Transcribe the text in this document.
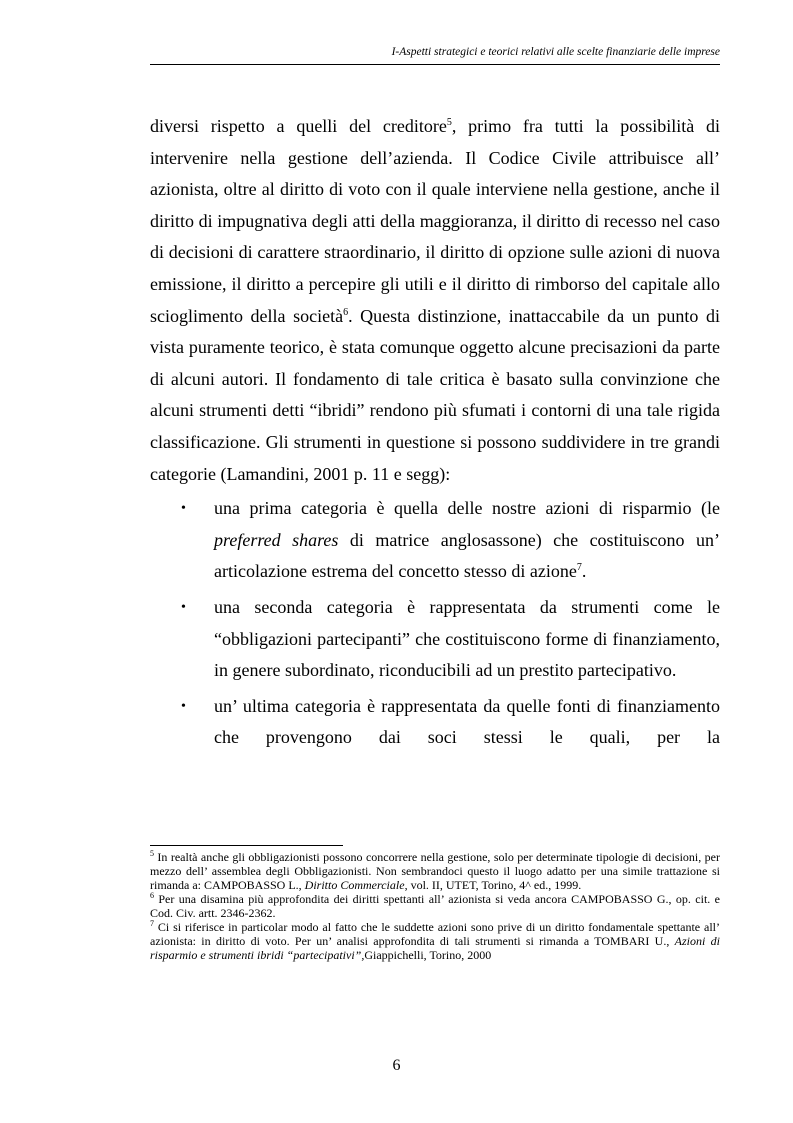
I-Aspetti strategici e teorici relativi alle scelte finanziarie delle imprese

diversi rispetto a quelli del creditore$^5$, primo fra tutti la possibilità di intervenire nella gestione dell’azienda. Il Codice Civile attribuisce all’ azionista, oltre al diritto di voto con il quale interviene nella gestione, anche il diritto di impugnativa degli atti della maggioranza, il diritto di recesso nel caso di decisioni di carattere straordinario, il diritto di opzione sulle azioni di nuova emissione, il diritto a percepire gli utili e il diritto di rimborso del capitale allo scioglimento della società$^6$. Questa distinzione, inattaccabile da un punto di vista puramente teorico, è stata comunque oggetto alcune precisazioni da parte di alcuni autori. Il fondamento di tale critica è basato sulla convinzione che alcuni strumenti detti “ibridi” rendono più sfumati i contorni di una tale rigida classificazione. Gli strumenti in questione si possono suddividere in tre grandi categorie (Lamandini, 2001 p. 11 e segg):

• una prima categoria è quella delle nostre azioni di risparmio (le preferred shares di matrice anglosassone) che costituiscono un’ articolazione estrema del concetto stesso di azione$^7$.
• una seconda categoria è rappresentata da strumenti come le “obbligazioni partecipanti” che costituiscono forme di finanziamento, in genere subordinato, riconducibili ad un prestito partecipativo.
• un’ ultima categoria è rappresentata da quelle fonti di finanziamento che provengono dai soci stessi le quali, per la

$^5$ In realtà anche gli obbligazionisti possono concorrere nella gestione, solo per determinate tipologie di decisioni, per mezzo dell’ assemblea degli Obbligazionisti. Non sembrandoci questo il luogo adatto per una simile trattazione si rimanda a: CAMPOBASSO L., Diritto Commerciale, vol. II, UTET, Torino, 4^ ed., 1999.

$^6$ Per una disamina più approfondita dei diritti spettanti all’ azionista si veda ancora CAMPOBASSO G., op. cit. e Cod. Civ. artt. 2346-2362.

$^7$ Ci si riferisce in particolar modo al fatto che le suddette azioni sono prive di un diritto fondamentale spettante all’ azionista: in diritto di voto. Per un’ analisi approfondita di tali strumenti si rimanda a TOMBARI U., Azioni di risparmio e strumenti ibridi “partecipativi”,Giappichelli, Torino, 2000

6
